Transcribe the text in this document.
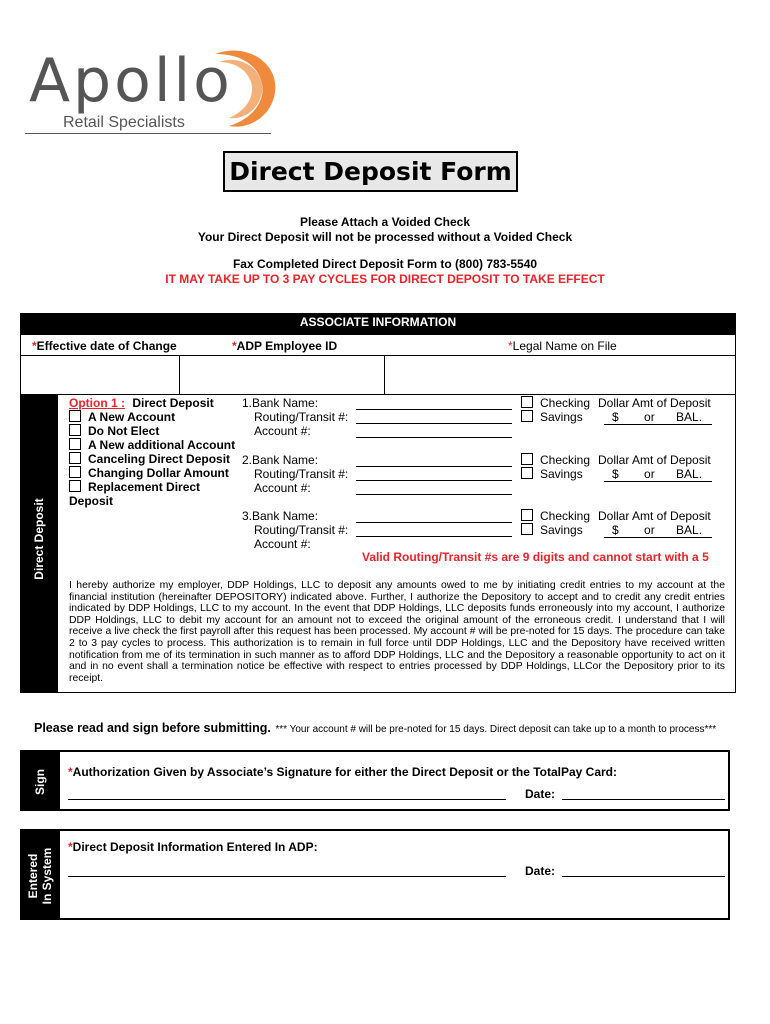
Apollo
Retail Specialists
Direct Deposit Form
Please Attach a Voided Check
Your Direct Deposit will not be processed without a Voided Check
Fax Completed Direct Deposit Form to (800) 783-5540
IT MAY TAKE UP TO 3 PAY CYCLES FOR DIRECT DEPOSIT TO TAKE EFFECT
ASSOCIATE INFORMATION
*Effective date of Change	*ADP Employee ID	*Legal Name on File
Direct Deposit
Option 1 : Direct Deposit
A New Account
Do Not Elect
A New additional Account
Canceling Direct Deposit
Changing Dollar Amount
Replacement Direct
Deposit
1.Bank Name:
Routing/Transit #:
Account #:
2.Bank Name:
Routing/Transit #:
Account #:
3.Bank Name:
Routing/Transit #:
Account #:
Checking
Savings
Checking
Savings
Checking
Savings
Dollar Amt of Deposit
$ or BAL.
Dollar Amt of Deposit
$ or BAL.
Dollar Amt of Deposit
$ or BAL.
Valid Routing/Transit #s are 9 digits and cannot start with a 5
I hereby authorize my employer, DDP Holdings, LLC to deposit any amounts owed to me by initiating credit entries to my account at the financial institution (hereinafter DEPOSITORY) indicated above. Further, I authorize the Depository to accept and to credit any credit entries indicated by DDP Holdings, LLC to my account. In the event that DDP Holdings, LLC deposits funds erroneously into my account, I authorize DDP Holdings, LLC to debit my account for an amount not to exceed the original amount of the erroneous credit. I understand that I will receive a live check the first payroll after this request has been processed. My account # will be pre-noted for 15 days. The procedure can take 2 to 3 pay cycles to process. This authorization is to remain in full force until DDP Holdings, LLC and the Depository have received written notification from me of its termination in such manner as to afford DDP Holdings, LLC and the Depository a reasonable opportunity to act on it and in no event shall a termination notice be effective with respect to entries processed by DDP Holdings, LLCor the Depository prior to its receipt.
Please read and sign before submitting. *** Your account # will be pre-noted for 15 days. Direct deposit can take up to a month to process***
Sign *Authorization Given by Associate’s Signature for either the Direct Deposit or the TotalPay Card:
Date:
Entered In System
*Direct Deposit Information Entered In ADP:
Date:
